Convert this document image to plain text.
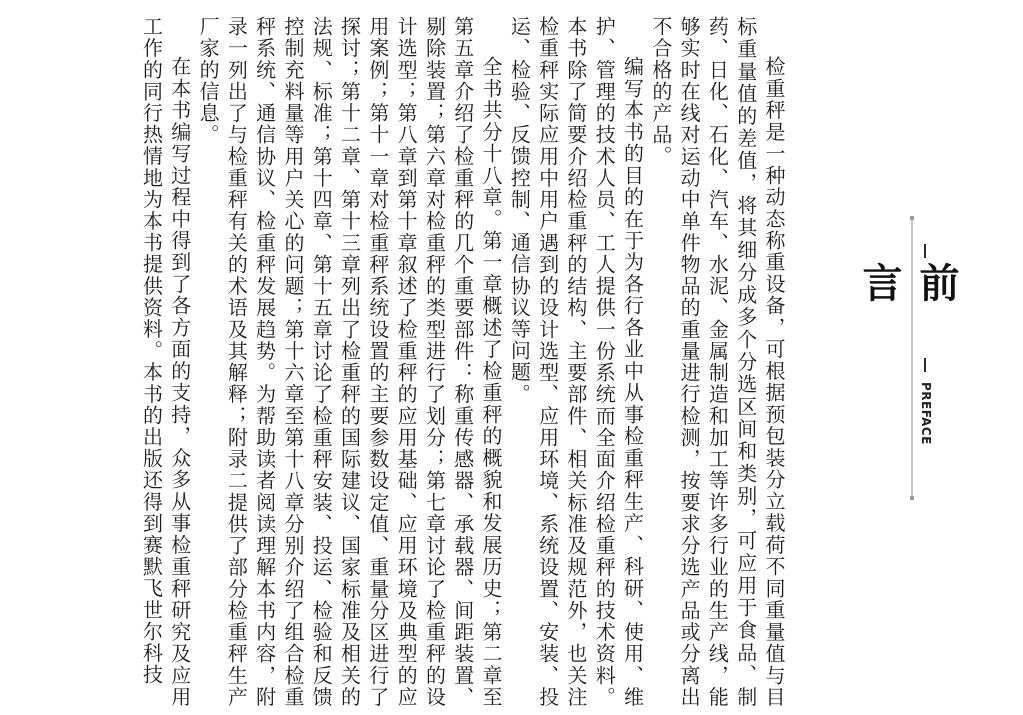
检重秤是一种动态称重设备，可根据预包装分立载荷不同重量值与目标重量值的差值，将其细分成多个分选区间和类别，可应用于食品、制药、日化、石化、汽车、水泥、金属制造和加工等许多行业的生产线，能够实时在线对运动中单件物品的重量进行检测，按要求分选产品或分离出不合格的产品。

编写本书的目的在于为各行各业中从事检重秤生产、科研、使用、维护、管理的技术人员、工人提供一份系统而全面介绍检重秤的技术资料。本书除了简要介绍检重秤的结构、主要部件、相关标准及规范外，也关注检重秤实际应用中用户遇到的设计选型、应用环境、系统设置、安装、投运、检验、反馈控制、通信协议等问题。

全书共分十八章。第一章概述了检重秤的概貌和发展历史；第二章至第五章介绍了检重秤的几个重要部件：称重传感器、承载器、间距装置、剔除装置；第六章对检重秤的类型进行了划分；第七章讨论了检重秤的设计选型；第八章到第十章叙述了检重秤的应用基础、应用环境及典型的应用案例；第十一章对检重秤系统设置的主要参数设定值、重量分区进行了探讨；第十二章、第十三章列出了检重秤的国际建议、国家标准及相关的法规、标准；第十四章、第十五章讨论了检重秤安装、投运、检验和反馈控制充料量等用户关心的问题；第十六章至第十八章分别介绍了组合检重秤系统、通信协议、检重秤发展趋势。为帮助读者阅读理解本书内容，附录一列出了与检重秤有关的术语及其解释；附录二提供了部分检重秤生产厂家的信息。

在本书编写过程中得到了各方面的支持，众多从事检重秤研究及应用工作的同行热情地为本书提供资料。本书的出版还得到赛默飞世尔科技	前 言
PREFACE
